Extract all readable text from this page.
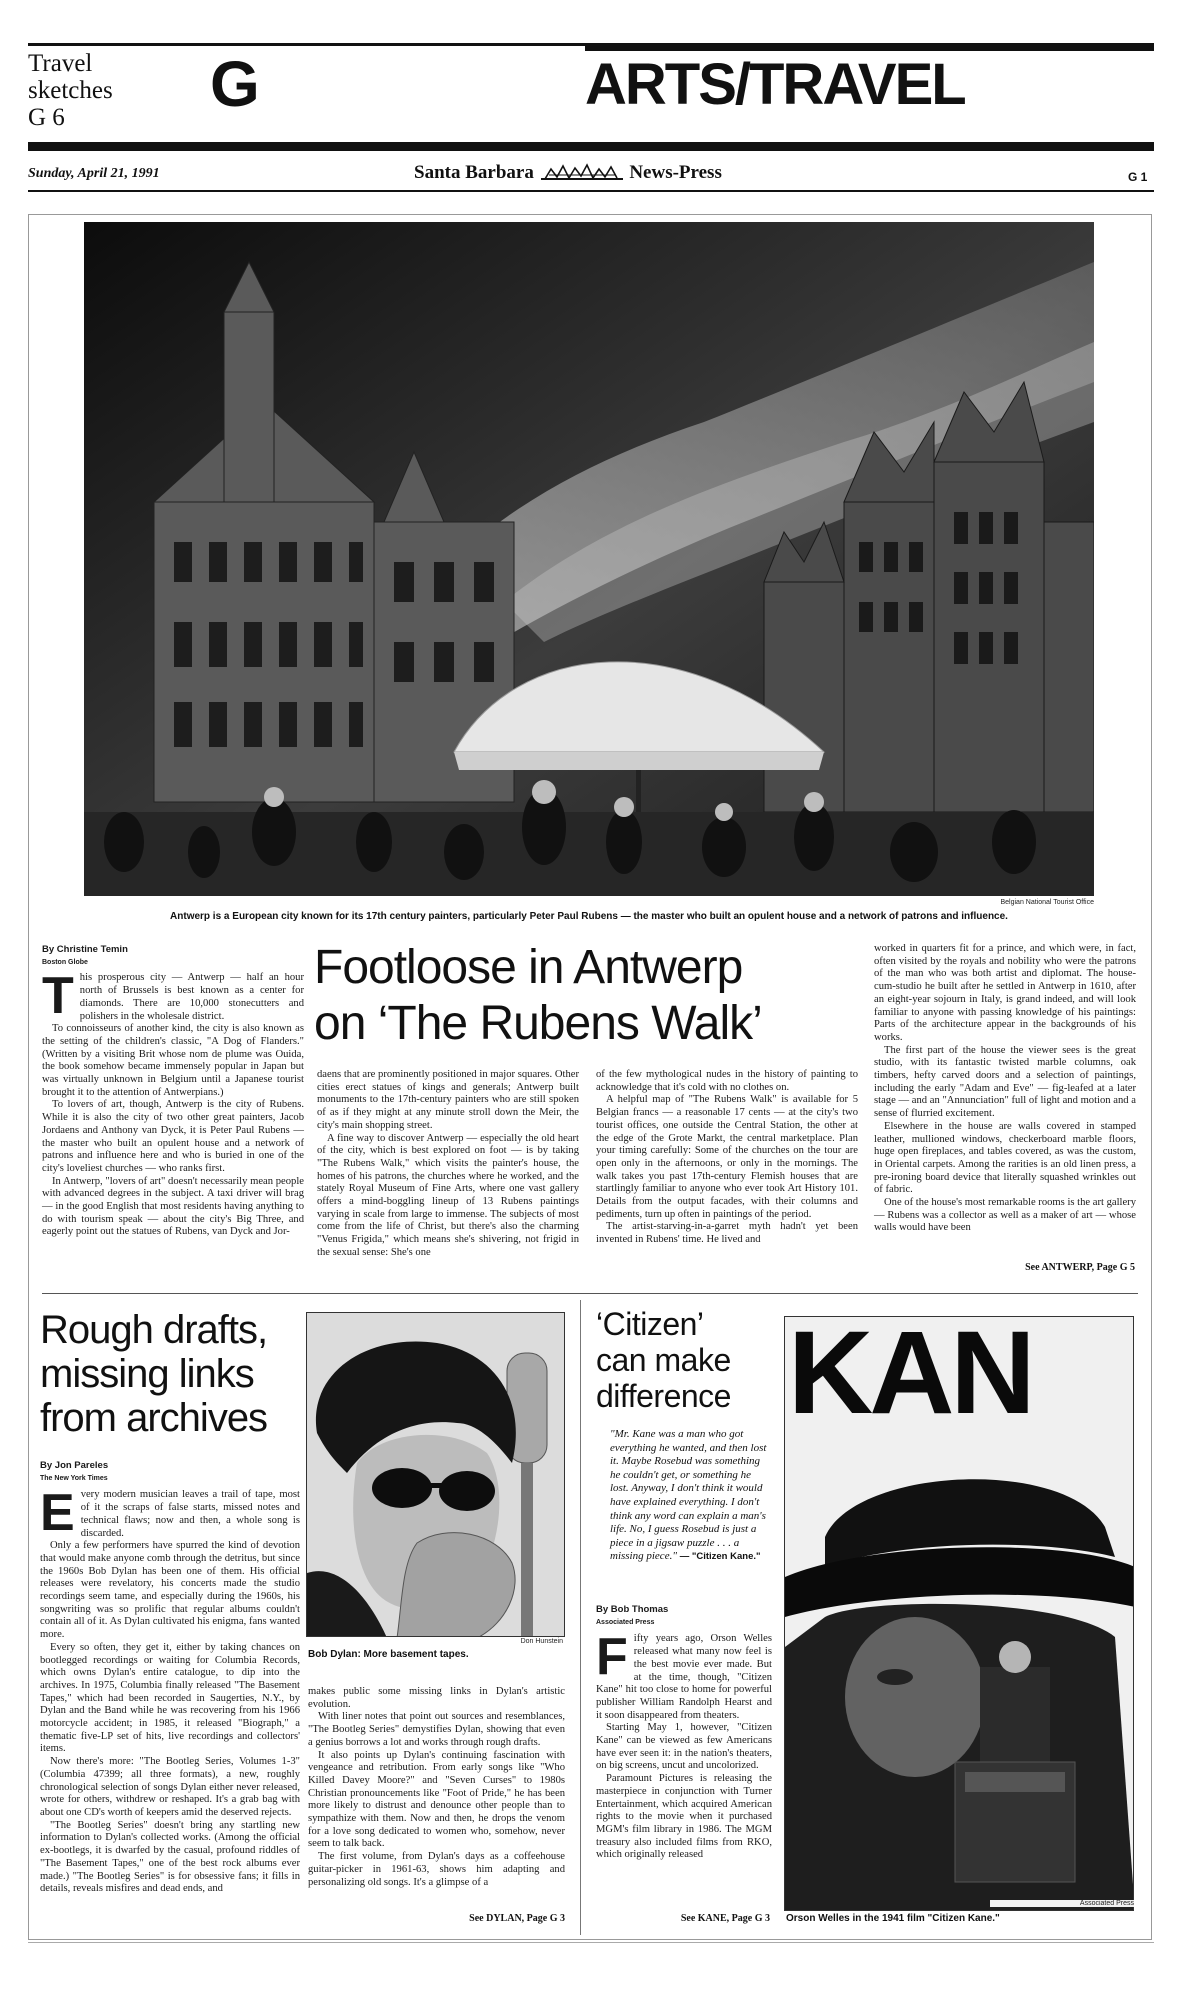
Travel
sketches
G 6	G	ARTS/TRAVEL
Sunday, April 21, 1991	Santa Barbara	News-Press	G 1
Belgian National Tourist Office
Antwerp is a European city known for its 17th century painters, particularly Peter Paul Rubens — the master who built an opulent house and a network of patrons and influence.
By Christine Temin
Boston Globe
T his prosperous city — Antwerp — half an hour north of Brussels is best known as a center for diamonds. There are 10,000 stonecutters and polishers in the wholesale district.

To connoisseurs of another kind, the city is also known as the setting of the children's classic, "A Dog of Flanders." (Written by a visiting Brit whose nom de plume was Ouida, the book somehow became immensely popular in Japan but was virtually unknown in Belgium until a Japanese tourist brought it to the attention of Antwerpians.)

To lovers of art, though, Antwerp is the city of Rubens. While it is also the city of two other great painters, Jacob Jordaens and Anthony van Dyck, it is Peter Paul Rubens — the master who built an opulent house and a network of patrons and influence here and who is buried in one of the city's loveliest churches — who ranks first.

In Antwerp, "lovers of art" doesn't necessarily mean people with advanced degrees in the subject. A taxi driver will brag — in the good English that most residents having anything to do with tourism speak — about the city's Big Three, and eagerly point out the statues of Rubens, van Dyck and Jor-

Footloose in Antwerp
on ‘The Rubens Walk’

daens that are prominently positioned in major squares. Other cities erect statues of kings and generals; Antwerp built monuments to the 17th-century painters who are still spoken of as if they might at any minute stroll down the Meir, the city's main shopping street.

A fine way to discover Antwerp — especially the old heart of the city, which is best explored on foot — is by taking "The Rubens Walk," which visits the painter's house, the homes of his patrons, the churches where he worked, and the stately Royal Museum of Fine Arts, where one vast gallery offers a mind-boggling lineup of 13 Rubens paintings varying in scale from large to immense. The subjects of most come from the life of Christ, but there's also the charming "Venus Frigida," which means she's shivering, not frigid in the sexual sense: She's one

of the few mythological nudes in the history of painting to acknowledge that it's cold with no clothes on.

A helpful map of "The Rubens Walk" is available for 5 Belgian francs — a reasonable 17 cents — at the city's two tourist offices, one outside the Central Station, the other at the edge of the Grote Markt, the central marketplace. Plan your timing carefully: Some of the churches on the tour are open only in the afternoons, or only in the mornings. The walk takes you past 17th-century Flemish houses that are startlingly familiar to anyone who ever took Art History 101. Details from the output facades, with their columns and pediments, turn up often in paintings of the period.

The artist-starving-in-a-garret myth hadn't yet been invented in Rubens' time. He lived and

worked in quarters fit for a prince, and which were, in fact, often visited by the royals and nobility who were the patrons of the man who was both artist and diplomat. The house-cum-studio he built after he settled in Antwerp in 1610, after an eight-year sojourn in Italy, is grand indeed, and will look familiar to anyone with passing knowledge of his paintings: Parts of the architecture appear in the backgrounds of his works.

The first part of the house the viewer sees is the great studio, with its fantastic twisted marble columns, oak timbers, hefty carved doors and a selection of paintings, including the early "Adam and Eve" — fig-leafed at a later stage — and an "Annunciation" full of light and motion and a sense of flurried excitement.

Elsewhere in the house are walls covered in stamped leather, mullioned windows, checkerboard marble floors, huge open fireplaces, and tables covered, as was the custom, in Oriental carpets. Among the rarities is an old linen press, a pre-ironing board device that literally squashed wrinkles out of fabric.

One of the house's most remarkable rooms is the art gallery — Rubens was a collector as well as a maker of art — whose walls would have been

See ANTWERP, Page G 5
Rough drafts,
missing links
from archives
By Jon Pareles
The New York Times
E very modern musician leaves a trail of tape, most of it the scraps of false starts, missed notes and technical flaws; now and then, a whole song is discarded.

Only a few performers have spurred the kind of devotion that would make anyone comb through the detritus, but since the 1960s Bob Dylan has been one of them. His official releases were revelatory, his concerts made the studio recordings seem tame, and especially during the 1960s, his songwriting was so prolific that regular albums couldn't contain all of it. As Dylan cultivated his enigma, fans wanted more.

Every so often, they get it, either by taking chances on bootlegged recordings or waiting for Columbia Records, which owns Dylan's entire catalogue, to dip into the archives. In 1975, Columbia finally released "The Basement Tapes," which had been recorded in Saugerties, N.Y., by Dylan and the Band while he was recovering from his 1966 motorcycle accident; in 1985, it released "Biograph," a thematic five-LP set of hits, live recordings and collectors' items.

Now there's more: "The Bootleg Series, Volumes 1-3" (Columbia 47399; all three formats), a new, roughly chronological selection of songs Dylan either never released, wrote for others, withdrew or reshaped. It's a grab bag with about one CD's worth of keepers amid the deserved rejects.

"The Bootleg Series" doesn't bring any startling new information to Dylan's collected works. (Among the official ex-bootlegs, it is dwarfed by the casual, profound riddles of "The Basement Tapes," one of the best rock albums ever made.) "The Bootleg Series" is for obsessive fans; it fills in details, reveals misfires and dead ends, and

Don Hunstein
Bob Dylan: More basement tapes.

makes public some missing links in Dylan's artistic evolution.

With liner notes that point out sources and resemblances, "The Bootleg Series" demystifies Dylan, showing that even a genius borrows a lot and works through rough drafts.

It also points up Dylan's continuing fascination with vengeance and retribution. From early songs like "Who Killed Davey Moore?" and "Seven Curses" to 1980s Christian pronouncements like "Foot of Pride," he has been more likely to distrust and denounce other people than to sympathize with them. Now and then, he drops the venom for a love song dedicated to women who, somehow, never seem to talk back.

The first volume, from Dylan's days as a coffeehouse guitar-picker in 1961-63, shows him adapting and personalizing old songs. It's a glimpse of a

See DYLAN, Page G 3
‘Citizen’
can make
difference
"Mr. Kane was a man who got everything he wanted, and then lost it. Maybe Rosebud was something he couldn't get, or something he lost. Anyway, I don't think it would have explained everything. I don't think any word can explain a man's life. No, I guess Rosebud is just a piece in a jigsaw puzzle . . . a missing piece." — "Citizen Kane."
By Bob Thomas
Associated Press
F ifty years ago, Orson Welles released what many now feel is the best movie ever made. But at the time, though, "Citizen Kane" hit too close to home for powerful publisher William Randolph Hearst and it soon disappeared from theaters.

Starting May 1, however, "Citizen Kane" can be viewed as few Americans have ever seen it: in the nation's theaters, on big screens, uncut and uncolorized.

Paramount Pictures is releasing the masterpiece in conjunction with Turner Entertainment, which acquired American rights to the movie when it purchased MGM's film library in 1986. The MGM treasury also included films from RKO, which originally released

See KANE, Page G 3
KAN
Associated Press
Orson Welles in the 1941 film "Citizen Kane."
